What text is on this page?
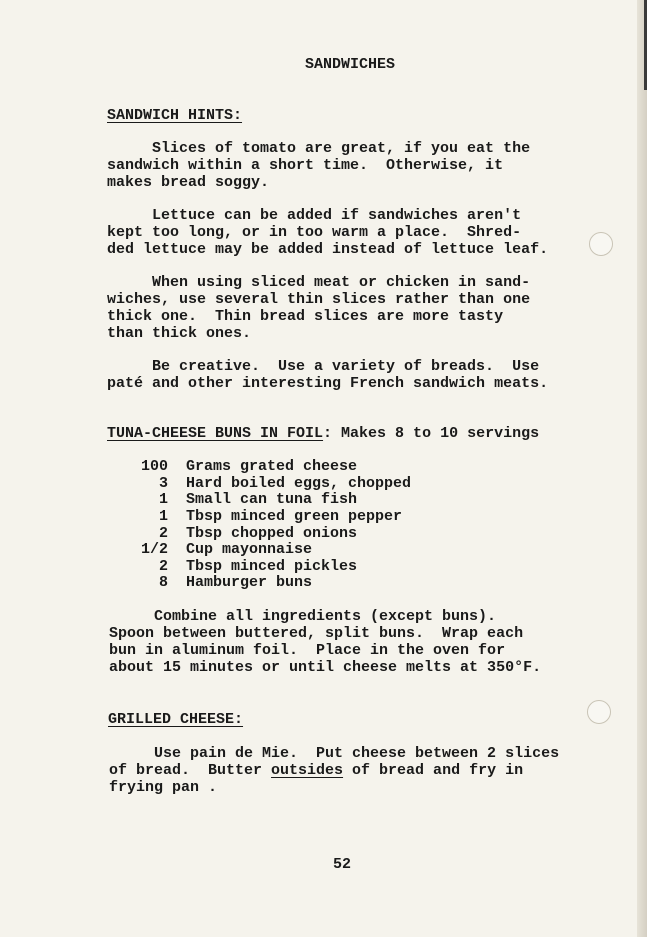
SANDWICHES
SANDWICH HINTS:
Slices of tomato are great, if you eat the
sandwich within a short time.  Otherwise, it
makes bread soggy.
Lettuce can be added if sandwiches aren't
kept too long, or in too warm a place.  Shred-
ded lettuce may be added instead of lettuce leaf.
When using sliced meat or chicken in sand-
wiches, use several thin slices rather than one
thick one.  Thin bread slices are more tasty
than thick ones.
Be creative.  Use a variety of breads.  Use
paté and other interesting French sandwich meats.
TUNA-CHEESE BUNS IN FOIL: Makes 8 to 10 servings
100 Grams grated cheese
3 Hard boiled eggs, chopped
1 Small can tuna fish
1 Tbsp minced green pepper
2 Tbsp chopped onions
1/2 Cup mayonnaise
2 Tbsp minced pickles
8 Hamburger buns
Combine all ingredients (except buns).
Spoon between buttered, split buns.  Wrap each
bun in aluminum foil.  Place in the oven for
about 15 minutes or until cheese melts at 350°F.
GRILLED CHEESE:
Use pain de Mie.  Put cheese between 2 slices
of bread.  Butter outsides of bread and fry in
frying pan .
52
